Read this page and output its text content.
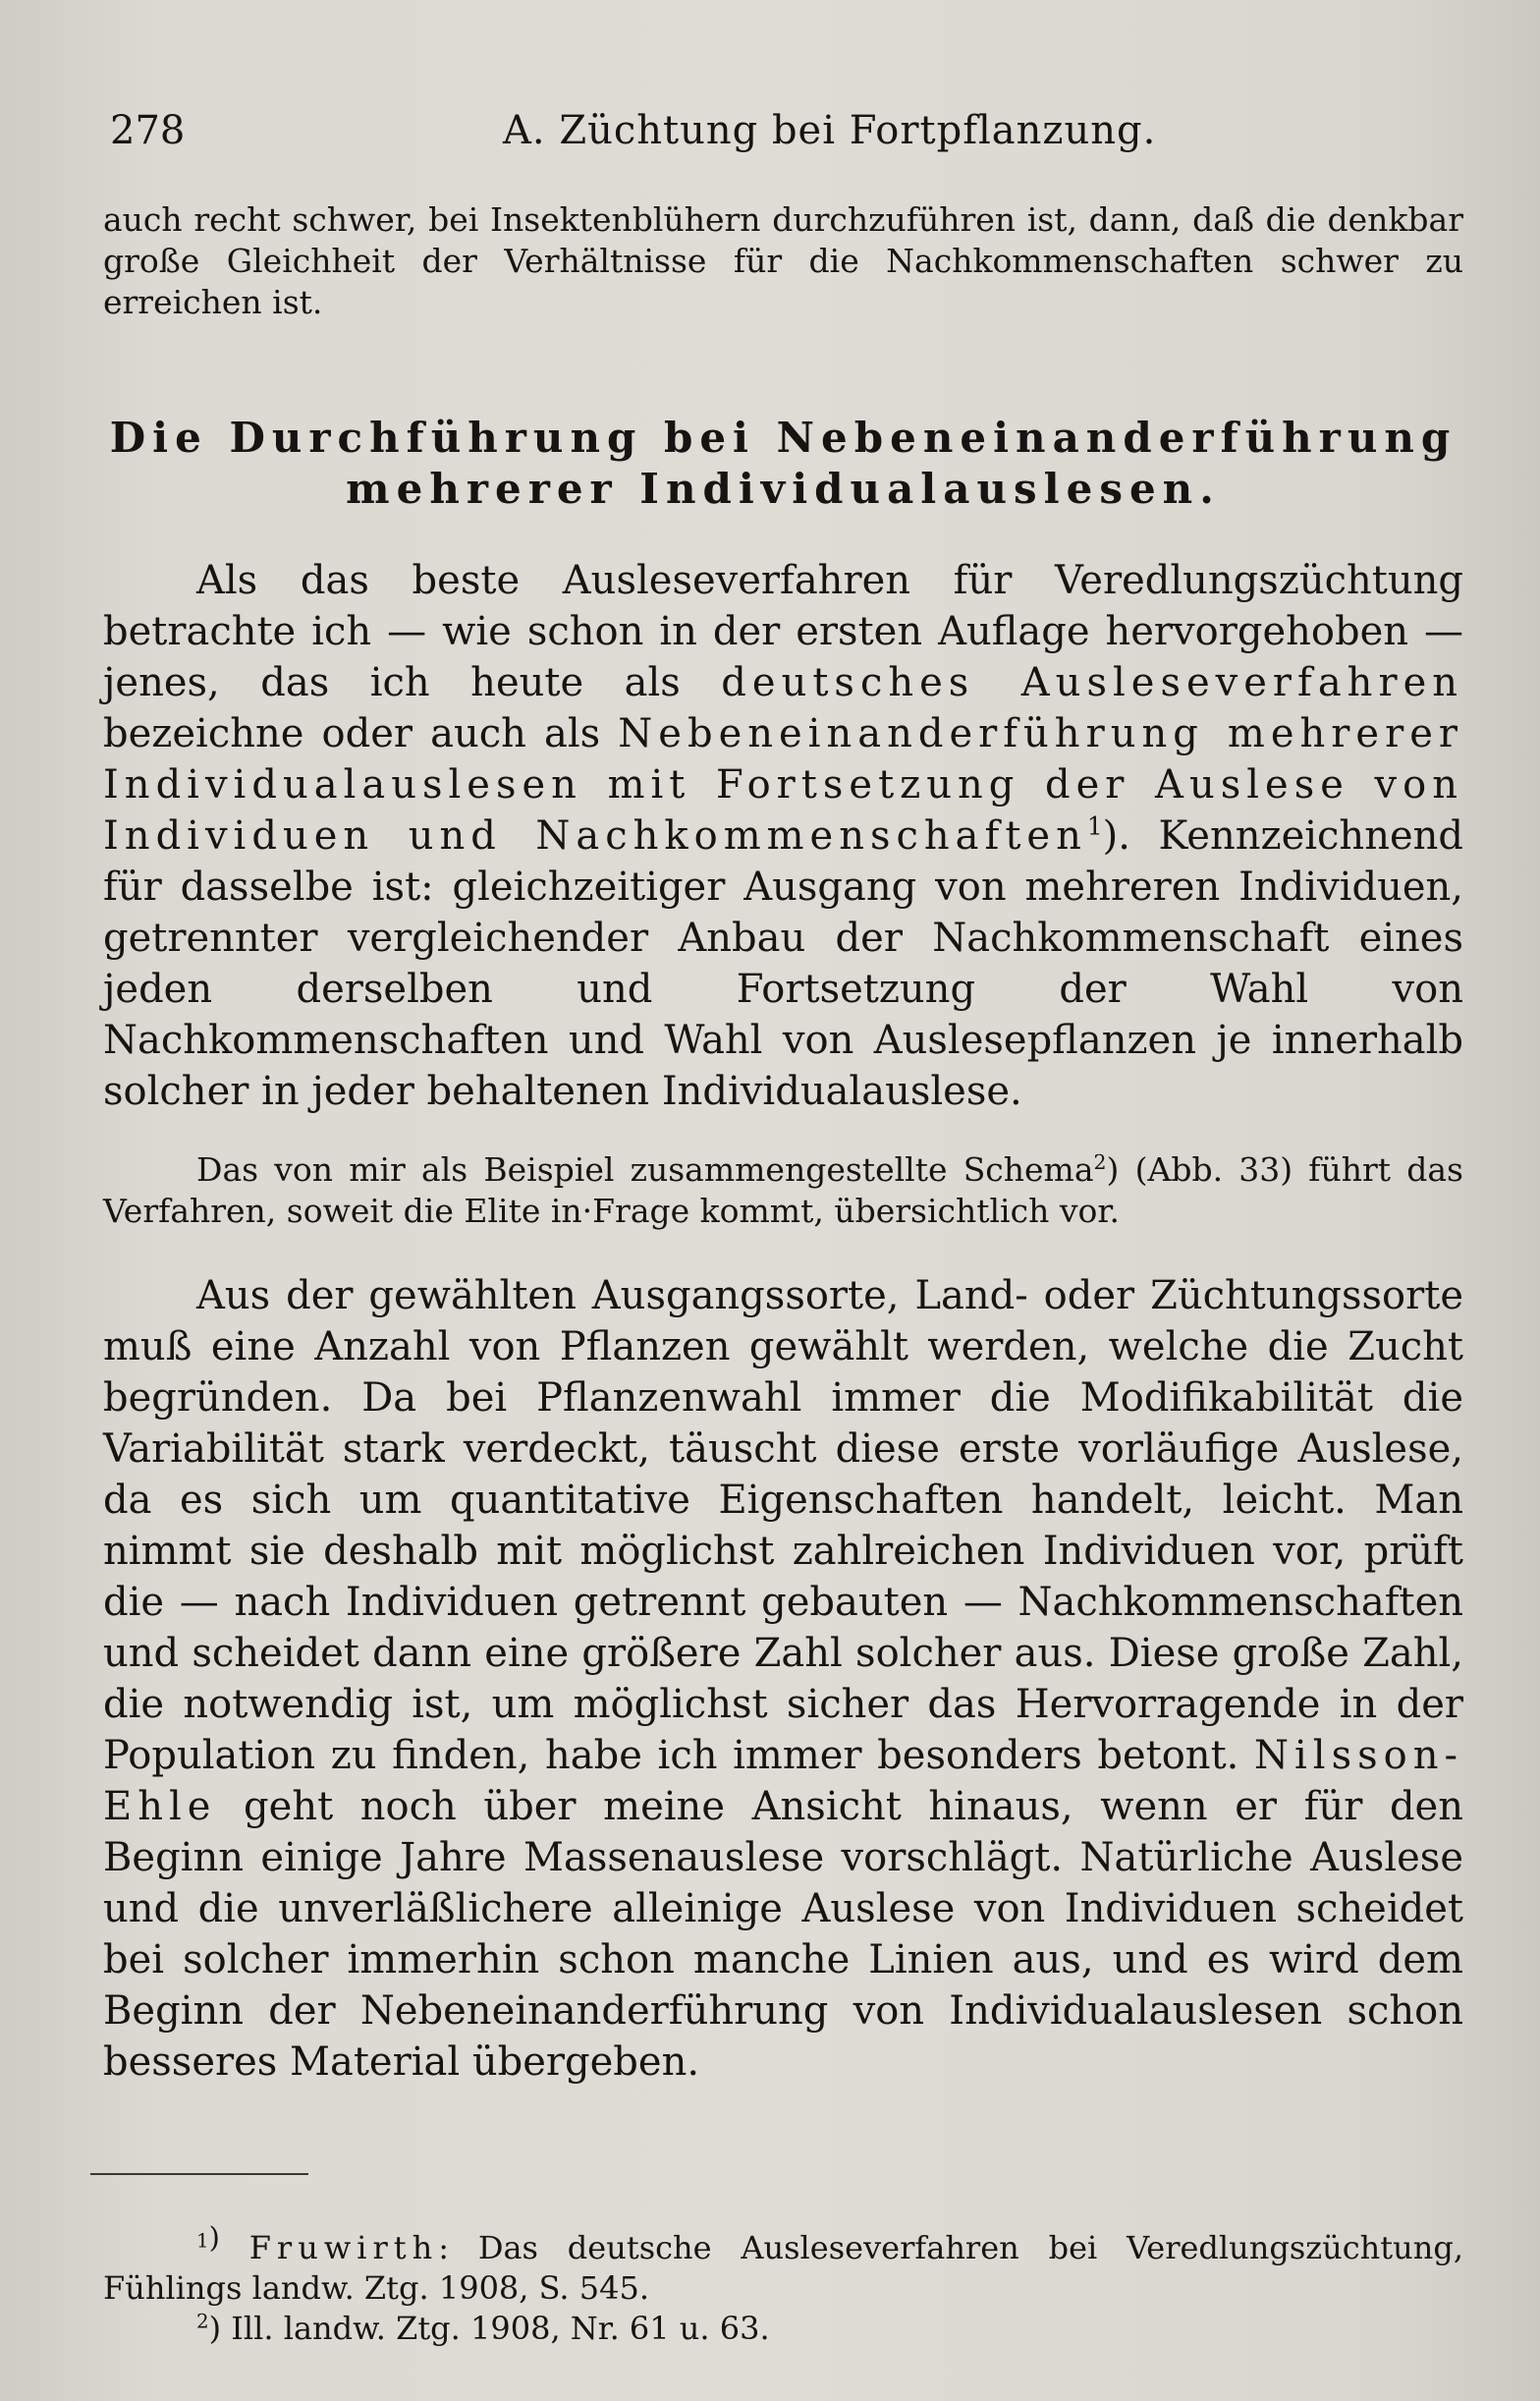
278	A. Züchtung bei Fortpflanzung.

auch recht schwer, bei Insektenblühern durchzuführen ist, dann, daß die denkbar große Gleichheit der Verhältnisse für die Nachkommenschaften schwer zu erreichen ist.

Die Durchführung bei Nebeneinanderführung
mehrerer Individualauslesen.

Als das beste Ausleseverfahren für Veredlungszüchtung betrachte ich — wie schon in der ersten Auflage hervorgehoben — jenes, das ich heute als deutsches Ausleseverfahren bezeichne oder auch als Nebeneinanderführung mehrerer Individualauslesen mit Fortsetzung der Auslese von Individuen und Nachkommenschaften$^1$). Kennzeichnend für dasselbe ist: gleichzeitiger Ausgang von mehreren Individuen, getrennter vergleichender Anbau der Nachkommenschaft eines jeden derselben und Fortsetzung der Wahl von Nachkommenschaften und Wahl von Auslesepflanzen je innerhalb solcher in jeder behaltenen Individualauslese.

Das von mir als Beispiel zusammengestellte Schema$^2$) (Abb. 33) führt das Verfahren, soweit die Elite in·Frage kommt, übersichtlich vor.

Aus der gewählten Ausgangssorte, Land- oder Züchtungssorte muß eine Anzahl von Pflanzen gewählt werden, welche die Zucht begründen. Da bei Pflanzenwahl immer die Modifikabilität die Variabilität stark verdeckt, täuscht diese erste vorläufige Auslese, da es sich um quantitative Eigenschaften handelt, leicht. Man nimmt sie deshalb mit möglichst zahlreichen Individuen vor, prüft die — nach Individuen getrennt gebauten — Nachkommenschaften und scheidet dann eine größere Zahl solcher aus. Diese große Zahl, die notwendig ist, um möglichst sicher das Hervorragende in der Population zu finden, habe ich immer besonders betont. Nilsson-Ehle geht noch über meine Ansicht hinaus, wenn er für den Beginn einige Jahre Massenauslese vorschlägt. Natürliche Auslese und die unverläßlichere alleinige Auslese von Individuen scheidet bei solcher immerhin schon manche Linien aus, und es wird dem Beginn der Nebeneinanderführung von Individualauslesen schon besseres Material übergeben.

$^1$) Fruwirth: Das deutsche Ausleseverfahren bei Veredlungszüchtung, Fühlings landw. Ztg. 1908, S. 545.

$^2$) Ill. landw. Ztg. 1908, Nr. 61 u. 63.
